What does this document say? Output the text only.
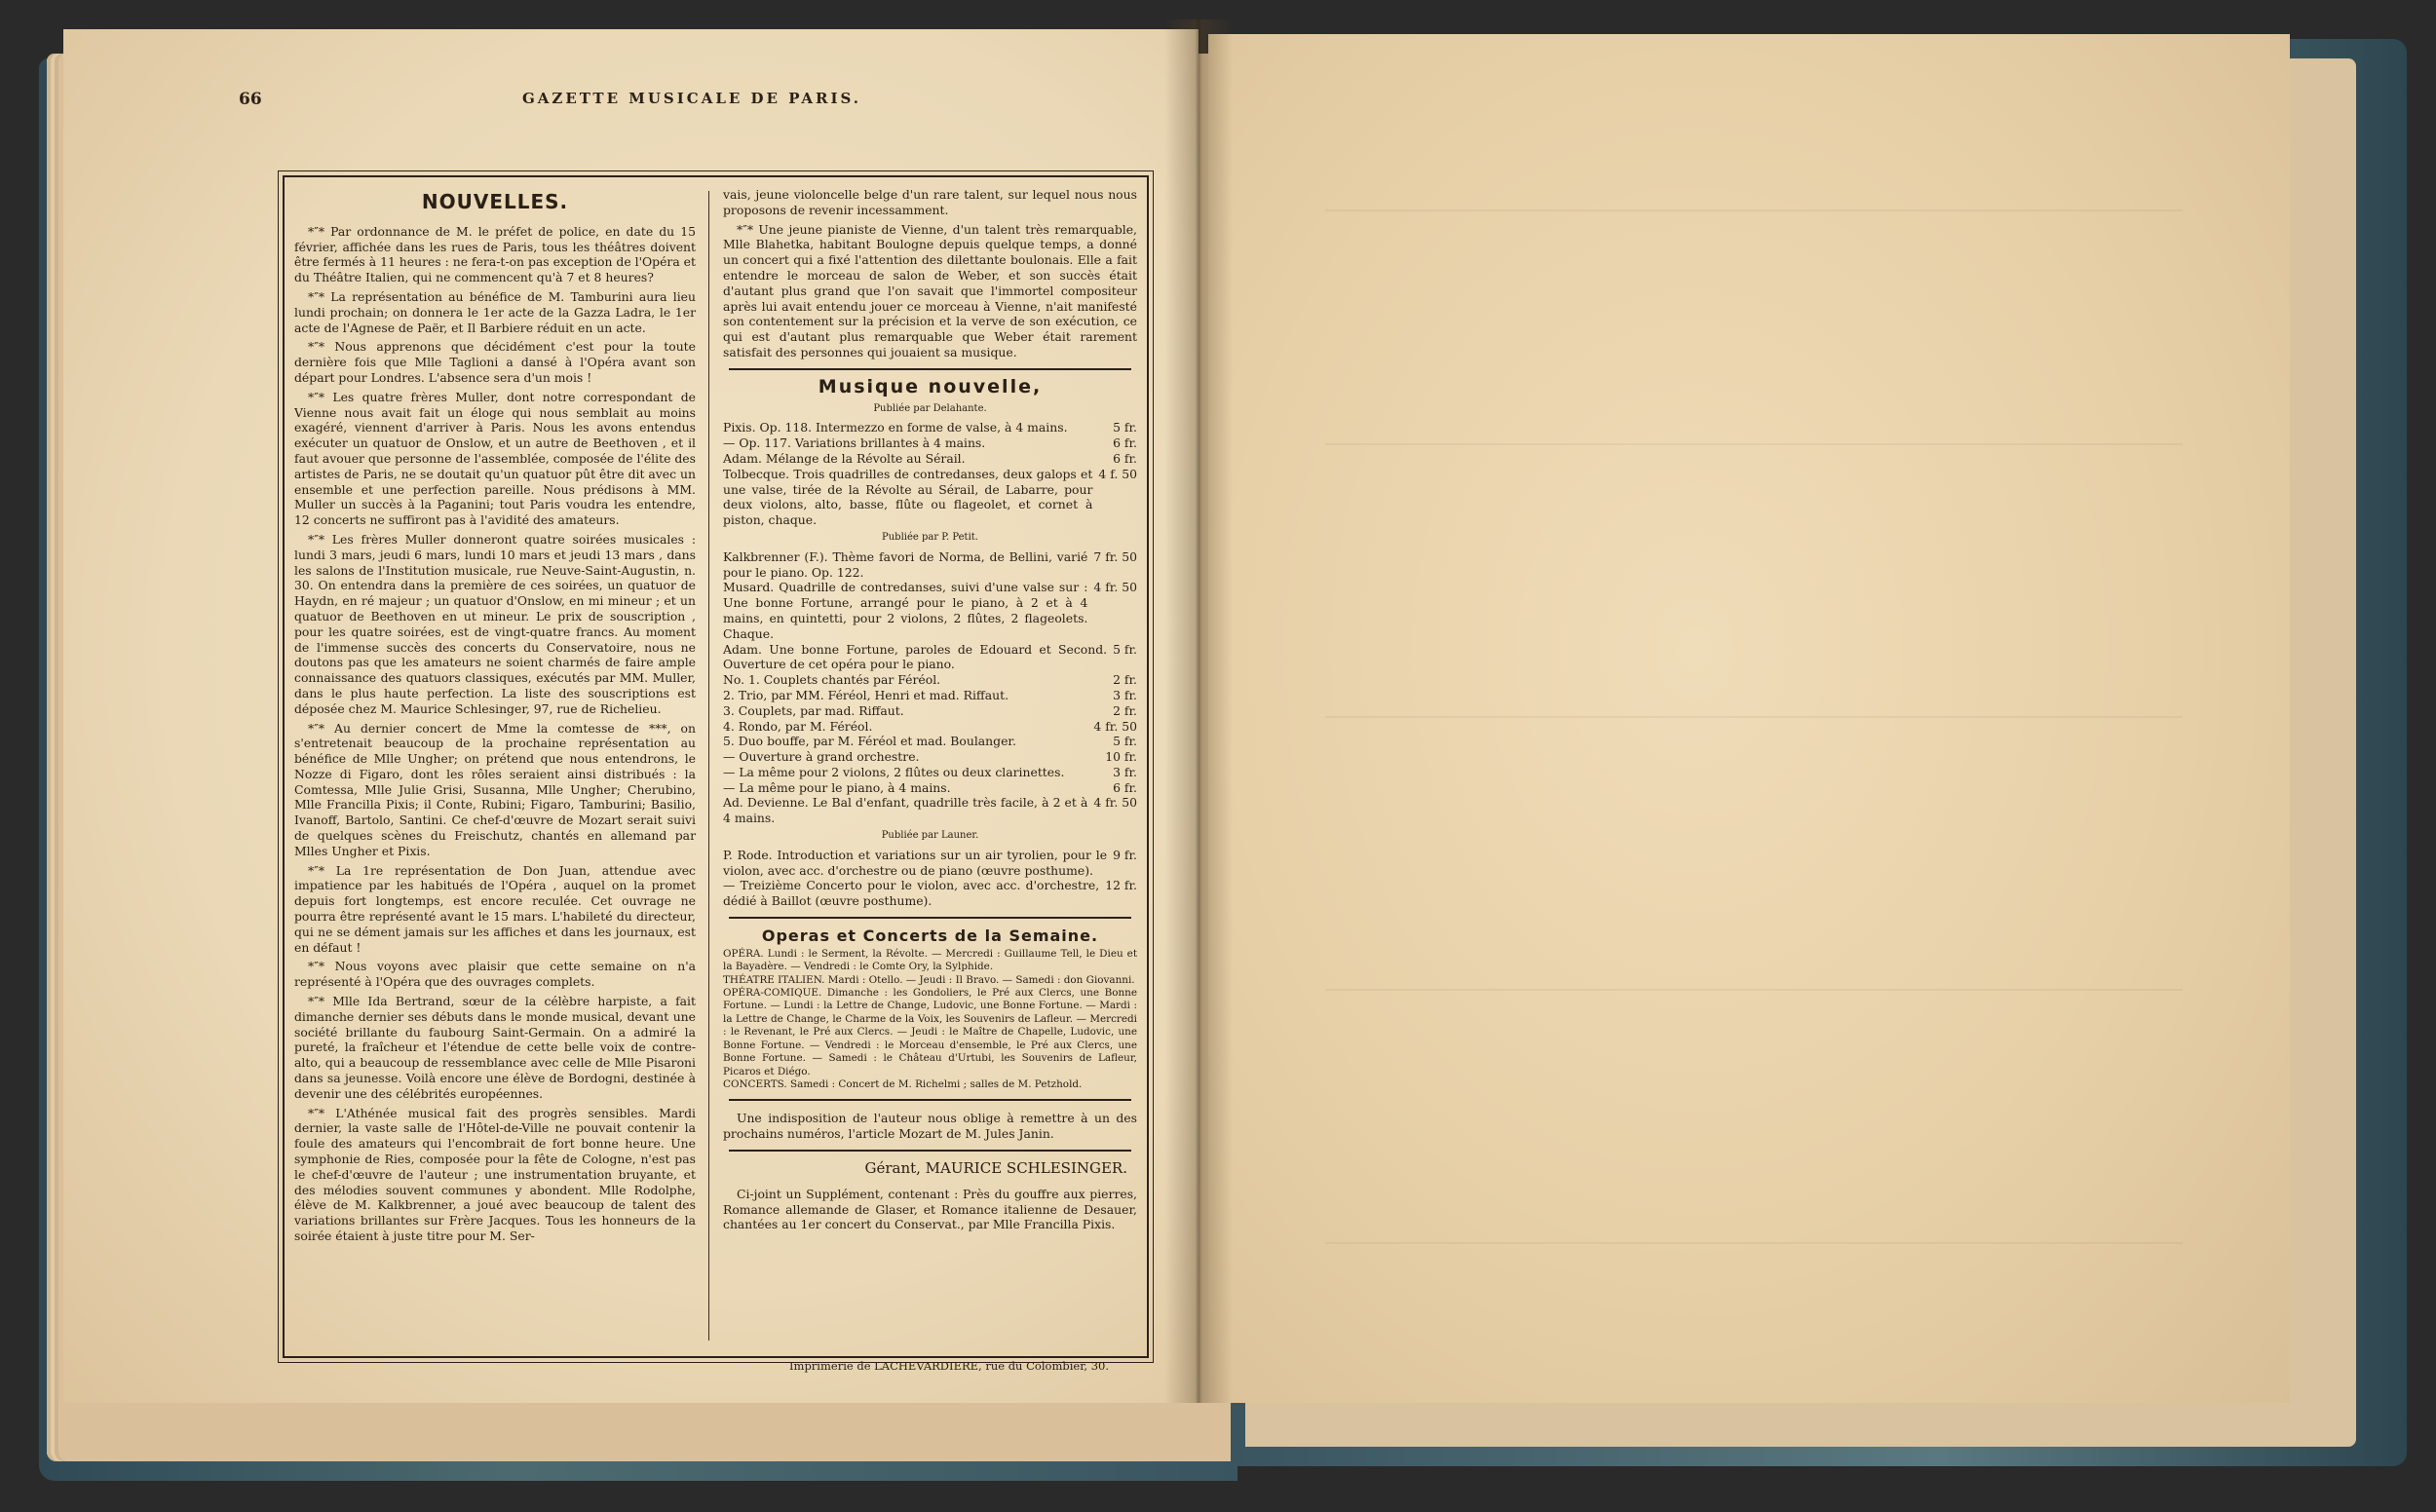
66	GAZETTE MUSICALE DE PARIS.
NOUVELLES.

*″* Par ordonnance de M. le préfet de police, en date du 15 février, affichée dans les rues de Paris, tous les théâtres doivent être fermés à 11 heures : ne fera-t-on pas exception de l'Opéra et du Théâtre Italien, qui ne commencent qu'à 7 et 8 heures?

*″* La représentation au bénéfice de M. Tamburini aura lieu lundi prochain; on donnera le 1er acte de la Gazza Ladra, le 1er acte de l'Agnese de Paër, et Il Barbiere réduit en un acte.

*″* Nous apprenons que décidément c'est pour la toute dernière fois que Mlle Taglioni a dansé à l'Opéra avant son départ pour Londres. L'absence sera d'un mois !

*″* Les quatre frères Muller, dont notre correspondant de Vienne nous avait fait un éloge qui nous semblait au moins exagéré, viennent d'arriver à Paris. Nous les avons entendus exécuter un quatuor de Onslow, et un autre de Beethoven , et il faut avouer que personne de l'assemblée, composée de l'élite des artistes de Paris, ne se doutait qu'un quatuor pût être dit avec un ensemble et une perfection pareille. Nous prédisons à MM. Muller un succès à la Paganini; tout Paris voudra les entendre, 12 concerts ne suffiront pas à l'avidité des amateurs.

*″* Les frères Muller donneront quatre soirées musicales : lundi 3 mars, jeudi 6 mars, lundi 10 mars et jeudi 13 mars , dans les salons de l'Institution musicale, rue Neuve-Saint-Augustin, n. 30. On entendra dans la première de ces soirées, un quatuor de Haydn, en ré majeur ; un quatuor d'Onslow, en mi mineur ; et un quatuor de Beethoven en ut mineur. Le prix de souscription , pour les quatre soirées, est de vingt-quatre francs. Au moment de l'immense succès des concerts du Conservatoire, nous ne doutons pas que les amateurs ne soient charmés de faire ample connaissance des quatuors classiques, exécutés par MM. Muller, dans le plus haute perfection. La liste des souscriptions est déposée chez M. Maurice Schlesinger, 97, rue de Richelieu.

*″* Au dernier concert de Mme la comtesse de ***, on s'entretenait beaucoup de la prochaine représentation au bénéfice de Mlle Ungher; on prétend que nous entendrons, le Nozze di Figaro, dont les rôles seraient ainsi distribués : la Comtessa, Mlle Julie Grisi, Susanna, Mlle Ungher; Cherubino, Mlle Francilla Pixis; il Conte, Rubini; Figaro, Tamburini; Basilio, Ivanoff, Bartolo, Santini. Ce chef-d'œuvre de Mozart serait suivi de quelques scènes du Freischutz, chantés en allemand par Mlles Ungher et Pixis.

*″* La 1re représentation de Don Juan, attendue avec impatience par les habitués de l'Opéra , auquel on la promet depuis fort longtemps, est encore reculée. Cet ouvrage ne pourra être représenté avant le 15 mars. L'habileté du directeur, qui ne se dément jamais sur les affiches et dans les journaux, est en défaut !

*″* Nous voyons avec plaisir que cette semaine on n'a représenté à l'Opéra que des ouvrages complets.

*″* Mlle Ida Bertrand, sœur de la célèbre harpiste, a fait dimanche dernier ses débuts dans le monde musical, devant une société brillante du faubourg Saint-Germain. On a admiré la pureté, la fraîcheur et l'étendue de cette belle voix de contre-alto, qui a beaucoup de ressemblance avec celle de Mlle Pisaroni dans sa jeunesse. Voilà encore une élève de Bordogni, destinée à devenir une des célébrités européennes.

*″* L'Athénée musical fait des progrès sensibles. Mardi dernier, la vaste salle de l'Hôtel-de-Ville ne pouvait contenir la foule des amateurs qui l'encombrait de fort bonne heure. Une symphonie de Ries, composée pour la fête de Cologne, n'est pas le chef-d'œuvre de l'auteur ; une instrumentation bruyante, et des mélodies souvent communes y abondent. Mlle Rodolphe, élève de M. Kalkbrenner, a joué avec beaucoup de talent des variations brillantes sur Frère Jacques. Tous les honneurs de la soirée étaient à juste titre pour M. Ser-

vais, jeune violoncelle belge d'un rare talent, sur lequel nous nous proposons de revenir incessamment.

*″* Une jeune pianiste de Vienne, d'un talent très remarquable, Mlle Blahetka, habitant Boulogne depuis quelque temps, a donné un concert qui a fixé l'attention des dilettante boulonais. Elle a fait entendre le morceau de salon de Weber, et son succès était d'autant plus grand que l'on savait que l'immortel compositeur après lui avait entendu jouer ce morceau à Vienne, n'ait manifesté son contentement sur la précision et la verve de son exécution, ce qui est d'autant plus remarquable que Weber était rarement satisfait des personnes qui jouaient sa musique.

Musique nouvelle,
Publiée par Delahante.
Pixis. Op. 118. Intermezzo en forme de valse, à 4 mains.	5 fr.
— Op. 117. Variations brillantes à 4 mains.	6 fr.
Adam. Mélange de la Révolte au Sérail.	6 fr.
Tolbecque. Trois quadrilles de contredanses, deux galops et une valse, tirée de la Révolte au Sérail, de Labarre, pour deux violons, alto, basse, flûte ou flageolet, et cornet à piston, chaque.
4 f. 50
Publiée par P. Petit.
Kalkbrenner (F.). Thème favori de Norma, de Bellini, varié pour le piano. Op. 122.
7 fr. 50
Musard. Quadrille de contredanses, suivi d'une valse sur : Une bonne Fortune, arrangé pour le piano, à 2 et à 4 mains, en quintetti, pour 2 violons, 2 flûtes, 2 flageolets. Chaque.
4 fr. 50
Adam. Une bonne Fortune, paroles de Edouard et Second. Ouverture de cet opéra pour le piano.
5 fr.
No. 1. Couplets chantés par Féréol.	2 fr.
2. Trio, par MM. Féréol, Henri et mad. Riffaut.	3 fr.
3. Couplets, par mad. Riffaut.	2 fr.
4. Rondo, par M. Féréol.	4 fr. 50
5. Duo bouffe, par M. Féréol et mad. Boulanger.	5 fr.
— Ouverture à grand orchestre.	10 fr.
— La même pour 2 violons, 2 flûtes ou deux clarinettes.	3 fr.
— La même pour le piano, à 4 mains.	6 fr.
Ad. Devienne. Le Bal d'enfant, quadrille très facile, à 2 et à 4 mains.
4 fr. 50
Publiée par Launer.
P. Rode. Introduction et variations sur un air tyrolien, pour le violon, avec acc. d'orchestre ou de piano (œuvre posthume).
9 fr.
— Treizième Concerto pour le violon, avec acc. d'orchestre, dédié à Baillot (œuvre posthume).
12 fr.
Operas et Concerts de la Semaine.

OPÉRA. Lundi : le Serment, la Révolte. — Mercredi : Guillaume Tell, le Dieu et la Bayadère. — Vendredi : le Comte Ory, la Sylphide.

THÉATRE ITALIEN. Mardi : Otello. — Jeudi : Il Bravo. — Samedi : don Giovanni.

OPÉRA-COMIQUE. Dimanche : les Gondoliers, le Pré aux Clercs, une Bonne Fortune. — Lundi : la Lettre de Change, Ludovic, une Bonne Fortune. — Mardi : la Lettre de Change, le Charme de la Voix, les Souvenirs de Lafleur. — Mercredi : le Revenant, le Pré aux Clercs. — Jeudi : le Maître de Chapelle, Ludovic, une Bonne Fortune. — Vendredi : le Morceau d'ensemble, le Pré aux Clercs, une Bonne Fortune. — Samedi : le Château d'Urtubi, les Souvenirs de Lafleur, Picaros et Diégo.

CONCERTS. Samedi : Concert de M. Richelmi ; salles de M. Petzhold.

Une indisposition de l'auteur nous oblige à remettre à un des prochains numéros, l'article Mozart de M. Jules Janin.

Gérant, MAURICE SCHLESINGER.

Ci-joint un Supplément, contenant : Près du gouffre aux pierres, Romance allemande de Glaser, et Romance italienne de Desauer, chantées au 1er concert du Conservat., par Mlle Francilla Pixis.

Imprimerie de LACHEVARDIERE, rue du Colombier, 30.
